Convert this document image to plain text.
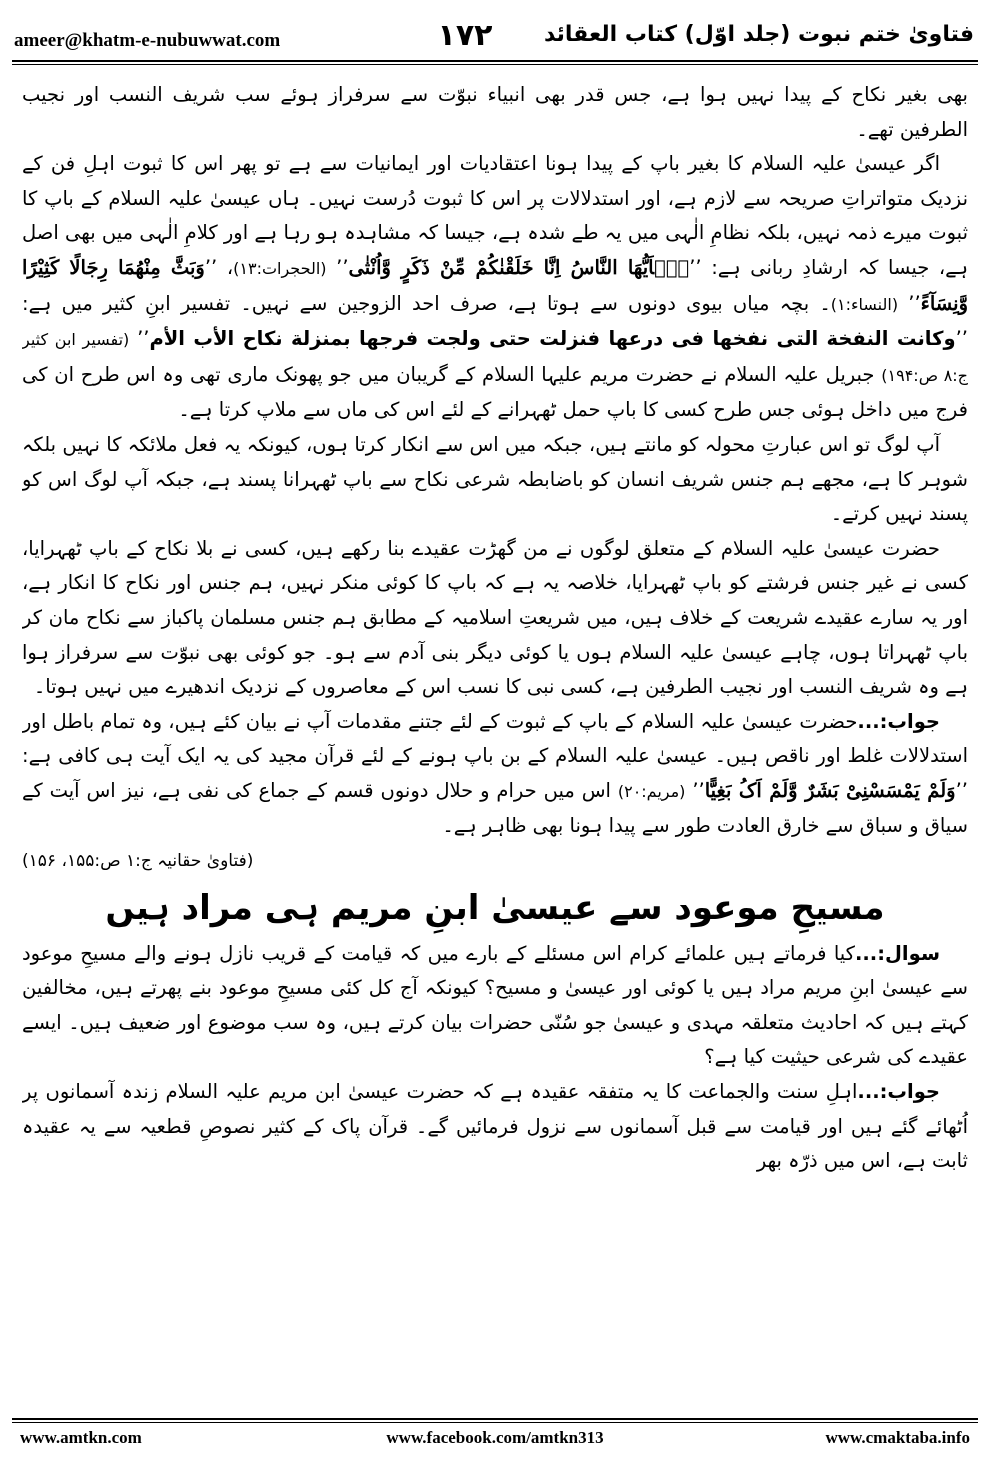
فتاویٰ ختم نبوت (جلد اوّل) کتاب العقائد
۱۷۲
ameer@khatm-e-nubuwwat.com

بھی بغیر نکاح کے پیدا نہیں ہوا ہے، جس قدر بھی انبیاء نبوّت سے سرفراز ہوئے سب شریف النسب اور نجیب الطرفین تھے۔

اگر عیسیٰ علیہ السلام کا بغیر باپ کے پیدا ہونا اعتقادیات اور ایمانیات سے ہے تو پھر اس کا ثبوت اہلِ فن کے نزدیک متواتراتِ صریحہ سے لازم ہے، اور استدلالات پر اس کا ثبوت دُرست نہیں۔ ہاں عیسیٰ علیہ السلام کے باپ کا ثبوت میرے ذمہ نہیں، بلکہ نظامِ الٰہی میں یہ طے شدہ ہے، جیسا کہ مشاہدہ ہو رہا ہے اور کلامِ الٰہی میں بھی اصل ہے، جیسا کہ ارشادِ ربانی ہے: ’’یٰۤاَیُّھَا النَّاسُ اِنَّا خَلَقْنٰکُمْ مِّنْ ذَکَرٍ وَّاُنْثٰی’’ (الحجرات:۱۳)، ’’وَبَثَّ مِنْھُمَا رِجَالًا کَثِیْرًا وَّنِسَآءً’’ (النساء:۱)۔ بچہ میاں بیوی دونوں سے ہوتا ہے، صرف احد الزوجین سے نہیں۔ تفسیر ابنِ کثیر میں ہے: ’’وکانت النفخة التی نفخها فی درعها فنزلت حتی ولجت فرجها بمنزلة نکاح الأب الأم’’ (تفسیر ابن کثیر ج:۸ ص:۱۹۴) جبریل علیہ السلام نے حضرت مریم علیہا السلام کے گریبان میں جو پھونک ماری تھی وہ اس طرح ان کی فرج میں داخل ہوئی جس طرح کسی کا باپ حمل ٹھہرانے کے لئے اس کی ماں سے ملاپ کرتا ہے۔

آپ لوگ تو اس عبارتِ محولہ کو مانتے ہیں، جبکہ میں اس سے انکار کرتا ہوں، کیونکہ یہ فعل ملائکہ کا نہیں بلکہ شوہر کا ہے، مجھے ہم جنس شریف انسان کو باضابطہ شرعی نکاح سے باپ ٹھہرانا پسند ہے، جبکہ آپ لوگ اس کو پسند نہیں کرتے۔

حضرت عیسیٰ علیہ السلام کے متعلق لوگوں نے من گھڑت عقیدے بنا رکھے ہیں، کسی نے بلا نکاح کے باپ ٹھہرایا، کسی نے غیر جنس فرشتے کو باپ ٹھہرایا، خلاصہ یہ ہے کہ باپ کا کوئی منکر نہیں، ہم جنس اور نکاح کا انکار ہے، اور یہ سارے عقیدے شریعت کے خلاف ہیں، میں شریعتِ اسلامیہ کے مطابق ہم جنس مسلمان پاکباز سے نکاح مان کر باپ ٹھہراتا ہوں، چاہے عیسیٰ علیہ السلام ہوں یا کوئی دیگر بنی آدم سے ہو۔ جو کوئی بھی نبوّت سے سرفراز ہوا ہے وہ شریف النسب اور نجیب الطرفین ہے، کسی نبی کا نسب اس کے معاصروں کے نزدیک اندھیرے میں نہیں ہوتا۔

جواب:...حضرت عیسیٰ علیہ السلام کے باپ کے ثبوت کے لئے جتنے مقدمات آپ نے بیان کئے ہیں، وہ تمام باطل اور استدلالات غلط اور ناقص ہیں۔ عیسیٰ علیہ السلام کے بن باپ ہونے کے لئے قرآن مجید کی یہ ایک آیت ہی کافی ہے: ’’وَلَمْ یَمْسَسْنِیْ بَشَرٌ وَّلَمْ اَکُ بَغِیًّا’’ (مریم:۲۰) اس میں حرام و حلال دونوں قسم کے جماع کی نفی ہے، نیز اس آیت کے سیاق و سباق سے خارق العادت طور سے پیدا ہونا بھی ظاہر ہے۔

(فتاویٰ حقانیہ ج:۱ ص:۱۵۵، ۱۵۶)

مسیحِ موعود سے عیسیٰ ابنِ مریم ہی مراد ہیں

سوال:...کیا فرماتے ہیں علمائے کرام اس مسئلے کے بارے میں کہ قیامت کے قریب نازل ہونے والے مسیحِ موعود سے عیسیٰ ابنِ مریم مراد ہیں یا کوئی اور عیسیٰ و مسیح؟ کیونکہ آج کل کئی مسیحِ موعود بنے پھرتے ہیں، مخالفین کہتے ہیں کہ احادیث متعلقہ مہدی و عیسیٰ جو سُنّی حضرات بیان کرتے ہیں، وہ سب موضوع اور ضعیف ہیں۔ ایسے عقیدے کی شرعی حیثیت کیا ہے؟

جواب:...اہلِ سنت والجماعت کا یہ متفقہ عقیدہ ہے کہ حضرت عیسیٰ ابن مریم علیہ السلام زندہ آسمانوں پر اُٹھائے گئے ہیں اور قیامت سے قبل آسمانوں سے نزول فرمائیں گے۔ قرآن پاک کے کثیر نصوصِ قطعیہ سے یہ عقیدہ ثابت ہے، اس میں ذرّہ بھر

www.facebook.com/amtkn313
www.amtkn.com	www.cmaktaba.info
